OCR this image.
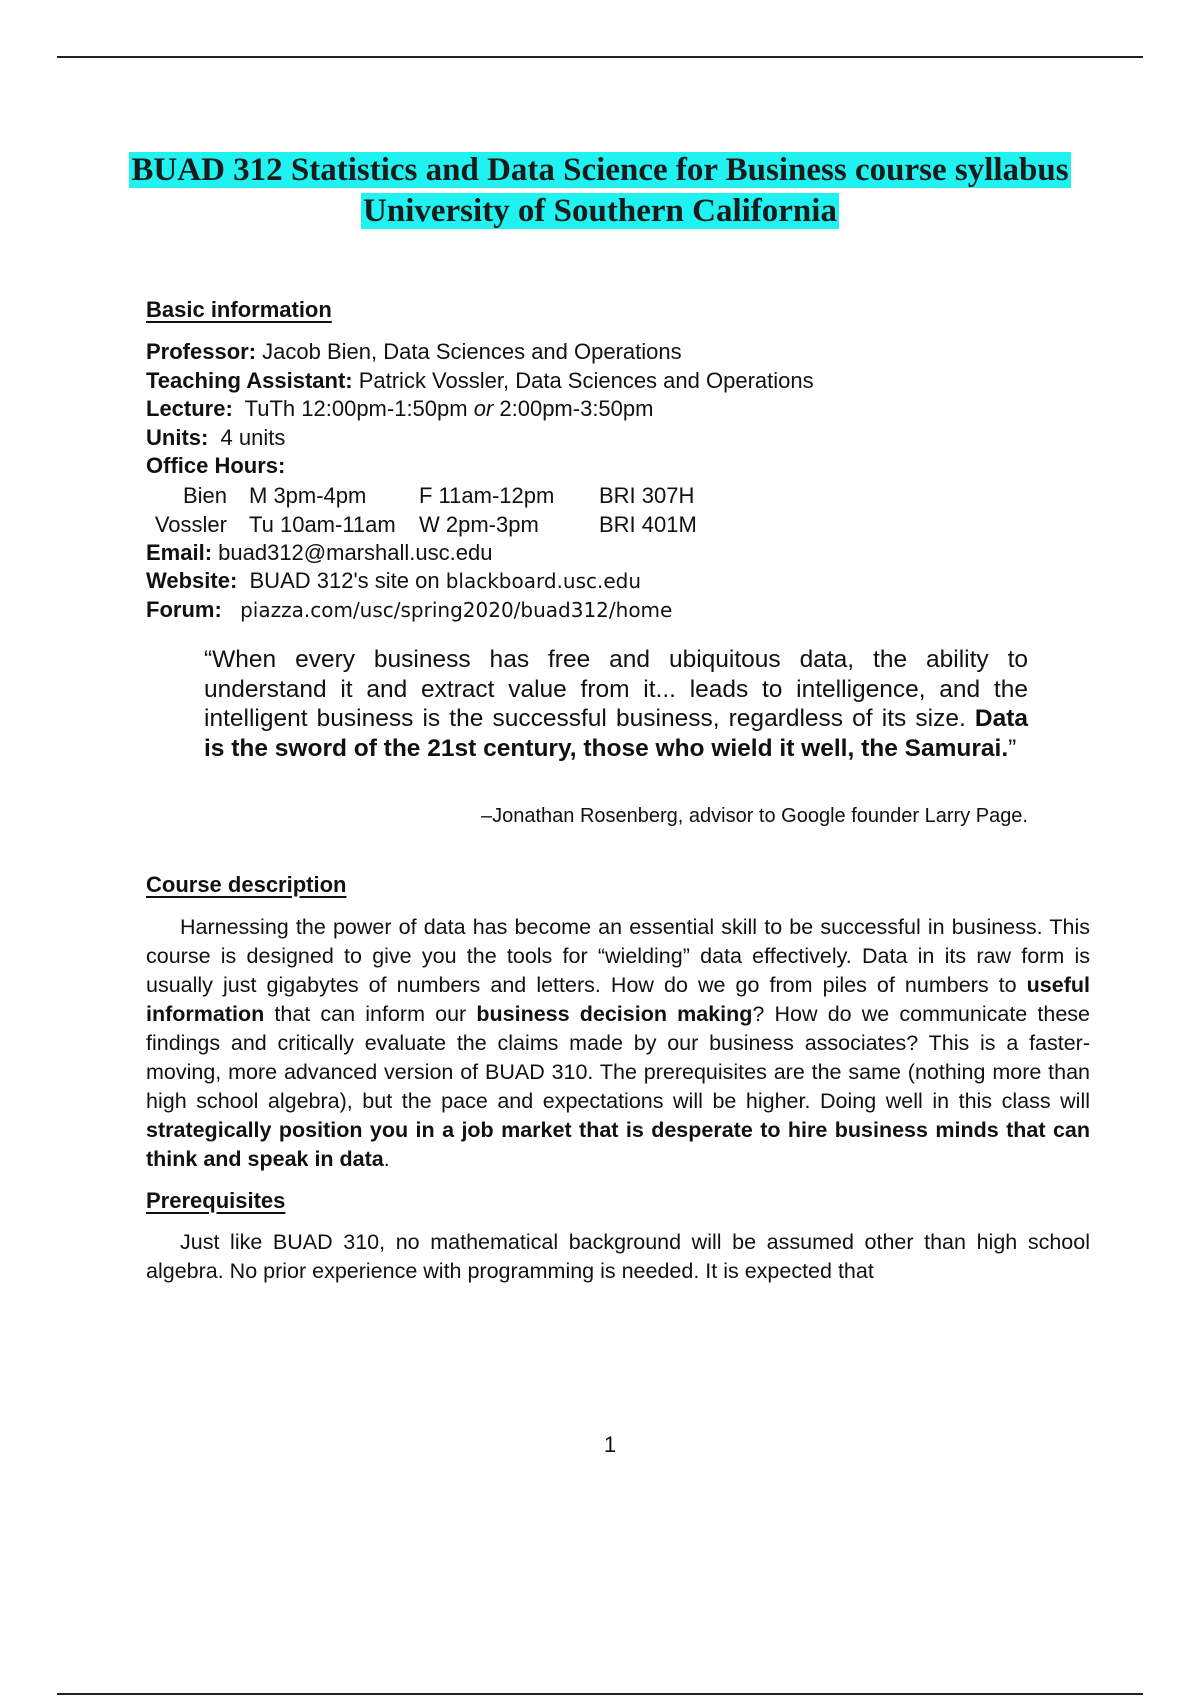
BUAD 312 Statistics and Data Science for Business course syllabus
University of Southern California
Basic information
Professor: Jacob Bien, Data Sciences and Operations
Teaching Assistant: Patrick Vossler, Data Sciences and Operations
Lecture:  TuTh 12:00pm-1:50pm or 2:00pm-3:50pm
Units:  4 units
Office Hours:
Bien	M 3pm-4pm	F 11am-12pm	BRI 307H
Vossler	Tu 10am-11am	W 2pm-3pm	BRI 401M
Email: buad312@marshall.usc.edu
Website:  BUAD 312's site on blackboard.usc.edu
Forum: piazza.com/usc/spring2020/buad312/home
“When every business has free and ubiquitous data, the ability to understand it and extract value from it... leads to intelligence, and the intelligent business is the successful business, regardless of its size. Data is the sword of the 21st century, those who wield it well, the Samurai.”
–Jonathan Rosenberg, advisor to Google founder Larry Page.
Course description
Harnessing the power of data has become an essential skill to be successful in business. This course is designed to give you the tools for “wielding” data effectively. Data in its raw form is usually just gigabytes of numbers and letters. How do we go from piles of numbers to useful information that can inform our business decision making? How do we communicate these findings and critically evaluate the claims made by our business associates? This is a faster-moving, more advanced version of BUAD 310. The prerequisites are the same (nothing more than high school algebra), but the pace and expectations will be higher. Doing well in this class will strategically position you in a job market that is desperate to hire business minds that can think and speak in data.
Prerequisites
Just like BUAD 310, no mathematical background will be assumed other than high school algebra. No prior experience with programming is needed. It is expected that
1
